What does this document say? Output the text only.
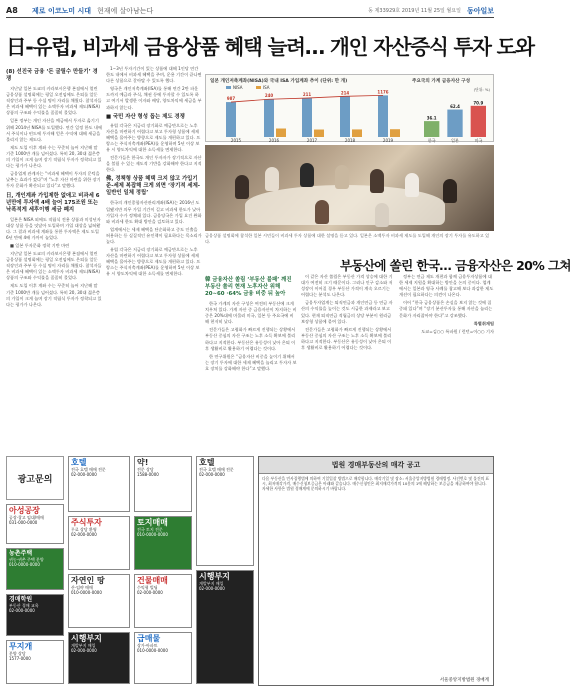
A8	제로 이코노미 시대 현재에 살아남는다	동 제33929호 2019년 11월 25일 월요일 동아일보
日-유럽, 비과세 금융상품 혜택 늘려… 개인 자산증식 투자 도와
(8) 선진국 금융 ‘돈 굴릴수 만들기’ 경쟁

지난달 일본 도쿄의 키라보시은행 본점에서 열린 금융상품 설명회에는 평일 오전임에도 은퇴를 앞둔 직장인과 주부 등 수십 명이 자리를 채웠다. 참석자들은 비과세 혜택이 있는 소액투자 비과세 제도(NISA) 상품의 구조와 수익률을 꼼꼼히 물었다.

일본 정부는 개인 자산을 예금에서 투자로 옮기기 위해 2014년 NISA를 도입했다. 연간 일정 한도 내에서 주식이나 펀드에 투자해 얻은 수익에 대해 세금을 물리지 않는 제도다.

제도 도입 이후 계좌 수는 꾸준히 늘어 지난해 말 기준 1000만 개를 넘어섰다. 특히 20, 30대 젊은층의 가입이 크게 늘며 장기 적립식 투자가 정착되고 있다는 평가가 나온다.

금융업계 관계자는 “비과세 혜택이 투자의 문턱을 낮추는 효과가 컸다”며 “노후 자산 마련을 위한 장기 투자 문화가 확산되고 있다”고 말했다.

日, 개인계좌 가입제한 없애고 비과세 6년만에 투자액 4배 늘어 175조원 또는 낙폭적게 세후이행 세금 폐지

일본은 NISA 외에도 적립식 전용 상품과 미성년자 대상 상품 등을 잇달아 도입하며 가입 대상을 넓혀왔다. 그 결과 비과세 계좌를 통한 투자액은 제도 도입 6년 만에 4배 가까이 늘었다.

■ 일본 투자문화 정착 기반 마련

지난달 일본 도쿄의 키라보시은행 본점에서 열린 금융상품 설명회에는 평일 오전임에도 은퇴를 앞둔 직장인과 주부 등 수십 명이 자리를 채웠다. 참석자들은 비과세 혜택이 있는 소액투자 비과세 제도(NISA) 상품의 구조와 수익률을 꼼꼼히 물었다.

제도 도입 이후 계좌 수는 꾸준히 늘어 지난해 말 기준 1000만 개를 넘어섰다. 특히 20, 30대 젊은층의 가입이 크게 늘며 장기 적립식 투자가 정착되고 있다는 평가가 나온다.

1∼3년 투자기간이 있는 상품에 대해 1인당 연간 한도 내에서 비과세 혜택을 주며, 운용 기간이 끝나면 다른 상품으로 갈아탈 수 있도록 했다.

영국은 개인저축계좌(ISA)를 통해 연간 2만 파운드까지 예금과 주식, 채권 등에 투자할 수 있도록 하고 여기서 발생한 이자와 배당, 양도차익에 세금을 부과하지 않는다.

■ 국민 자산 형성 돕는 제도 경쟁

유럽 각국은 저금리 장기화로 예금만으로는 노후 자산을 마련하기 어렵다고 보고 투자형 상품에 세제 혜택을 몰아주는 방향으로 제도를 개편하고 있다. 프랑스는 주식저축계좌(PEA)를 운영하며 5년 이상 보유 시 양도차익에 대한 소득세를 면제한다.

전문가들은 한국도 개인 투자자가 장기적으로 자산을 불릴 수 있는 제도적 기반을 강화해야 한다고 지적한다.

佛, 정책형 상품 혜택 크지 않고 가입기준-세제 복잡해 크게 외면 ‘장기적 세제-일반인 일체 정립’

한국의 개인종합자산관리계좌(ISA)는 2016년 도입됐지만 의무 가입 기간이 길고 비과세 한도가 낮아 가입자 수가 정체돼 있다. 금융당국은 가입 요건 완화와 비과세 한도 확대 방안을 검토하고 있다.

업계에서는 세제 혜택을 단순화하고 중도 인출을 허용하는 등 실질적인 유인책이 필요하다는 목소리가 높다.

유럽 각국은 저금리 장기화로 예금만으로는 노후 자산을 마련하기 어렵다고 보고 투자형 상품에 세제 혜택을 몰아주는 방향으로 제도를 개편하고 있다. 프랑스는 주식저축계좌(PEA)를 운영하며 5년 이상 보유 시 양도차익에 대한 소득세를 면제한다.

일본 개인저축계좌(NISA)와 국내 ISA 가입계좌 추이 (단위: 만 개)	주요국의 가계 금융자산 구성
2015	2016	2017	2018	2019
987
240	211	214	1176
NISA	ISA
36.1
한국
62.4
일본
70.9
미국
(단위: %)
금융상품 설명회에 참석한 일본 시민들이 비과세 투자 상품에 대한 설명을 듣고 있다. 일본은 소액투자 비과세 제도를 도입해 개인의 장기 투자를 유도하고 있다.
부동산에 쏠린 한국… 금융자산은 20% 그쳐
韓 금융자산 쏠림 ‘부동산 불패’ 깨진 부동산 쏠리 현재 노후자산 위해 20∼60 ·64% 금융 비중 뒤 높아

한국 가계의 자산 구성은 여전히 부동산에 크게 치우쳐 있다. 가계 자산 중 금융자산이 차지하는 비중은 20%대에 머물러 미국, 일본 등 주요국에 비해 현저히 낮다.

전문가들은 고령화가 빠르게 진행되는 상황에서 부동산 중심의 자산 구조는 노후 소득 확보에 불리하다고 지적한다. 부동산은 유동성이 낮아 은퇴 이후 생활비로 활용하기 어렵다는 것이다.

한 연구위원은 “금융자산 비중을 높이기 위해서는 장기 투자에 대한 세제 혜택을 늘리고 투자자 보호 장치를 강화해야 한다”고 말했다.

이 같은 자산 쏠림은 부동산 가격 상승에 대한 기대가 여전히 크기 때문이다. 그러나 인구 감소와 저성장이 이어질 경우 부동산 가격이 계속 오르기는 어렵다는 분석도 나온다.

금융투자업계는 퇴직연금과 개인연금 등 연금 자산의 수익률을 높이는 것도 시급한 과제라고 보고 있다. 현재 퇴직연금 적립금의 상당 부분이 원리금 보장형 상품에 묶여 있다.

전문가들은 고령화가 빠르게 진행되는 상황에서 부동산 중심의 자산 구조는 노후 소득 확보에 불리하다고 지적한다. 부동산은 유동성이 낮아 은퇴 이후 생활비로 활용하기 어렵다는 것이다.

정부는 연금 제도 개편과 함께 금융투자상품에 대한 세제 지원을 확대하는 방안을 논의 중이다. 업계에서는 일본과 영국 사례를 참고해 보다 과감한 제도 개선이 필요하다는 의견이 나온다.

이어 “한국 금융상품은 손실을 보지 않는 것에 집중돼 있다”며 “장기 분산투자를 통해 자산을 늘리는 문화가 자리잡아야 한다”고 강조했다.

특별취재팀

도쿄=김○○ 특파원 / 런던=이○○ 기자

광고문의
아성공장
공장·창고 임대/매매
031-000-0000
농촌주택
귀농·귀촌 주택 분양
010-0000-0000
경매학원
부동산 경매 교육
02-000-0000
무지개
분양 상담
1577-0000
호텔
전국 호텔 매매 전문
02-000-0000
주식투자
무료 상담 환영
02-000-0000
자연인 땅
산·임야 매매
010-0000-0000
시행부지
개발부지 매입
02-000-0000
약!
전문 상담
1588-0000
토지매매
전국 토지 전문
010-0000-0000
건물매매
수익형 빌딩
02-000-0000
급매물
상가·아파트
010-0000-0000
호텔
전국 호텔 매매 전문
02-000-0000
시행부지
개발부지 매입
02-000-0000
법원 경매부동산의 매각 공고
다음 부동산을 민사집행법에 의하여 기일입찰 방법으로 매각합니다. 매각기일 및 장소: 서울중앙지방법원 경매법정. 사건번호 및 물건의 표시, 최저매각가격, 매수신청보증금은 아래와 같습니다. 매수신청인은 최저매각가격의 10분의 1에 해당하는 보증금을 제공하여야 합니다. 자세한 사항은 법원 경매계에 문의하시기 바랍니다.
서울중앙지방법원 경매계
